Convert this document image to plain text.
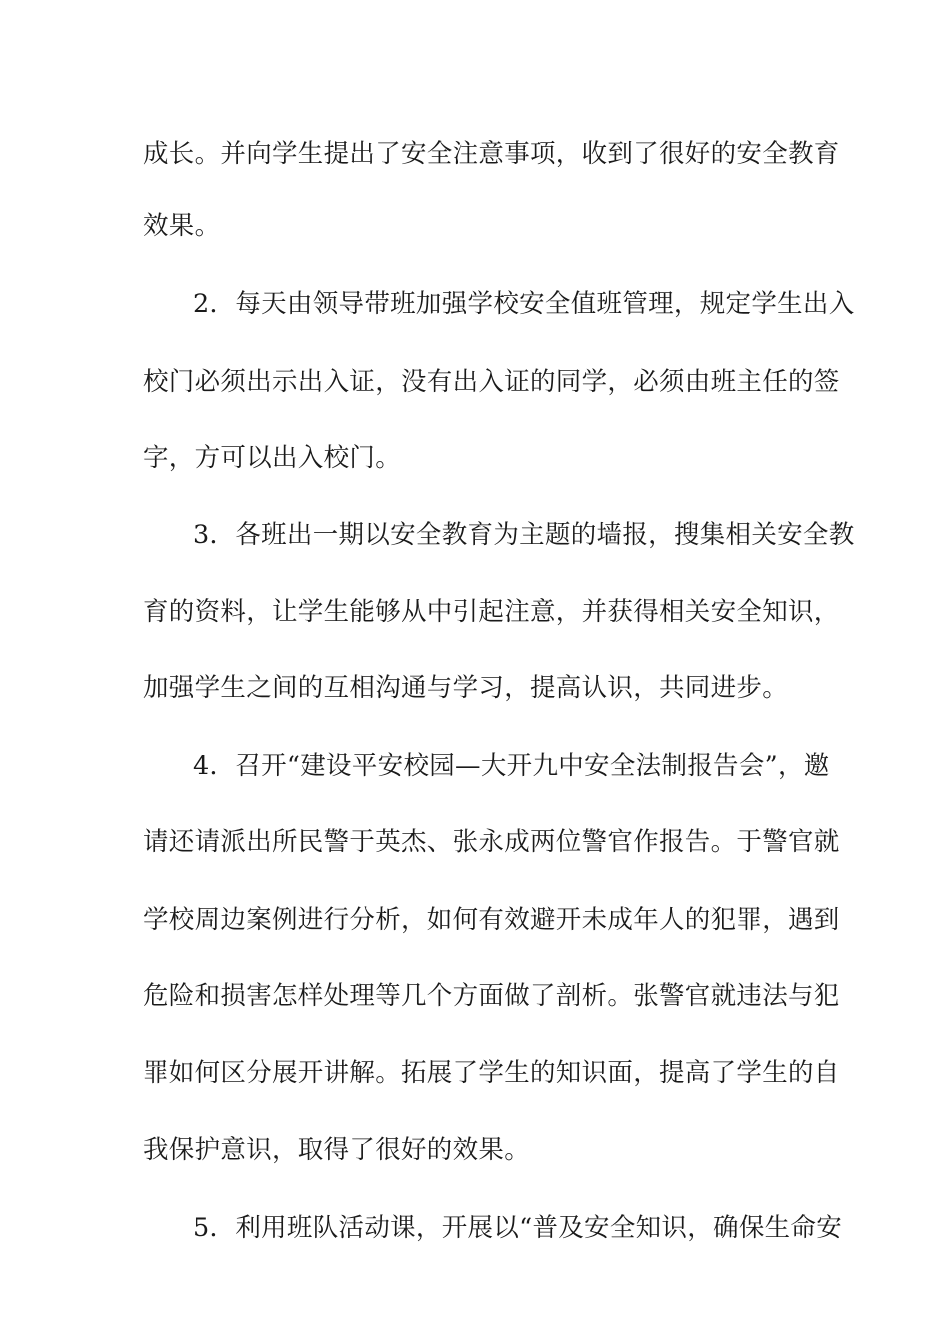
成长。并向学生提出了安全注意事项，收到了很好的安全教育
效果。
2．每天由领导带班加强学校安全值班管理，规定学生出入
校门必须出示出入证，没有出入证的同学，必须由班主任的签
字，方可以出入校门。
3．各班出一期以安全教育为主题的墙报，搜集相关安全教
育的资料，让学生能够从中引起注意，并获得相关安全知识，
加强学生之间的互相沟通与学习，提高认识，共同进步。
4．召开“建设平安校园—大开九中安全法制报告会”，邀
请还请派出所民警于英杰、张永成两位警官作报告。于警官就
学校周边案例进行分析，如何有效避开未成年人的犯罪，遇到
危险和损害怎样处理等几个方面做了剖析。张警官就违法与犯
罪如何区分展开讲解。拓展了学生的知识面，提高了学生的自
我保护意识，取得了很好的效果。
5．利用班队活动课，开展以“普及安全知识，确保生命安
